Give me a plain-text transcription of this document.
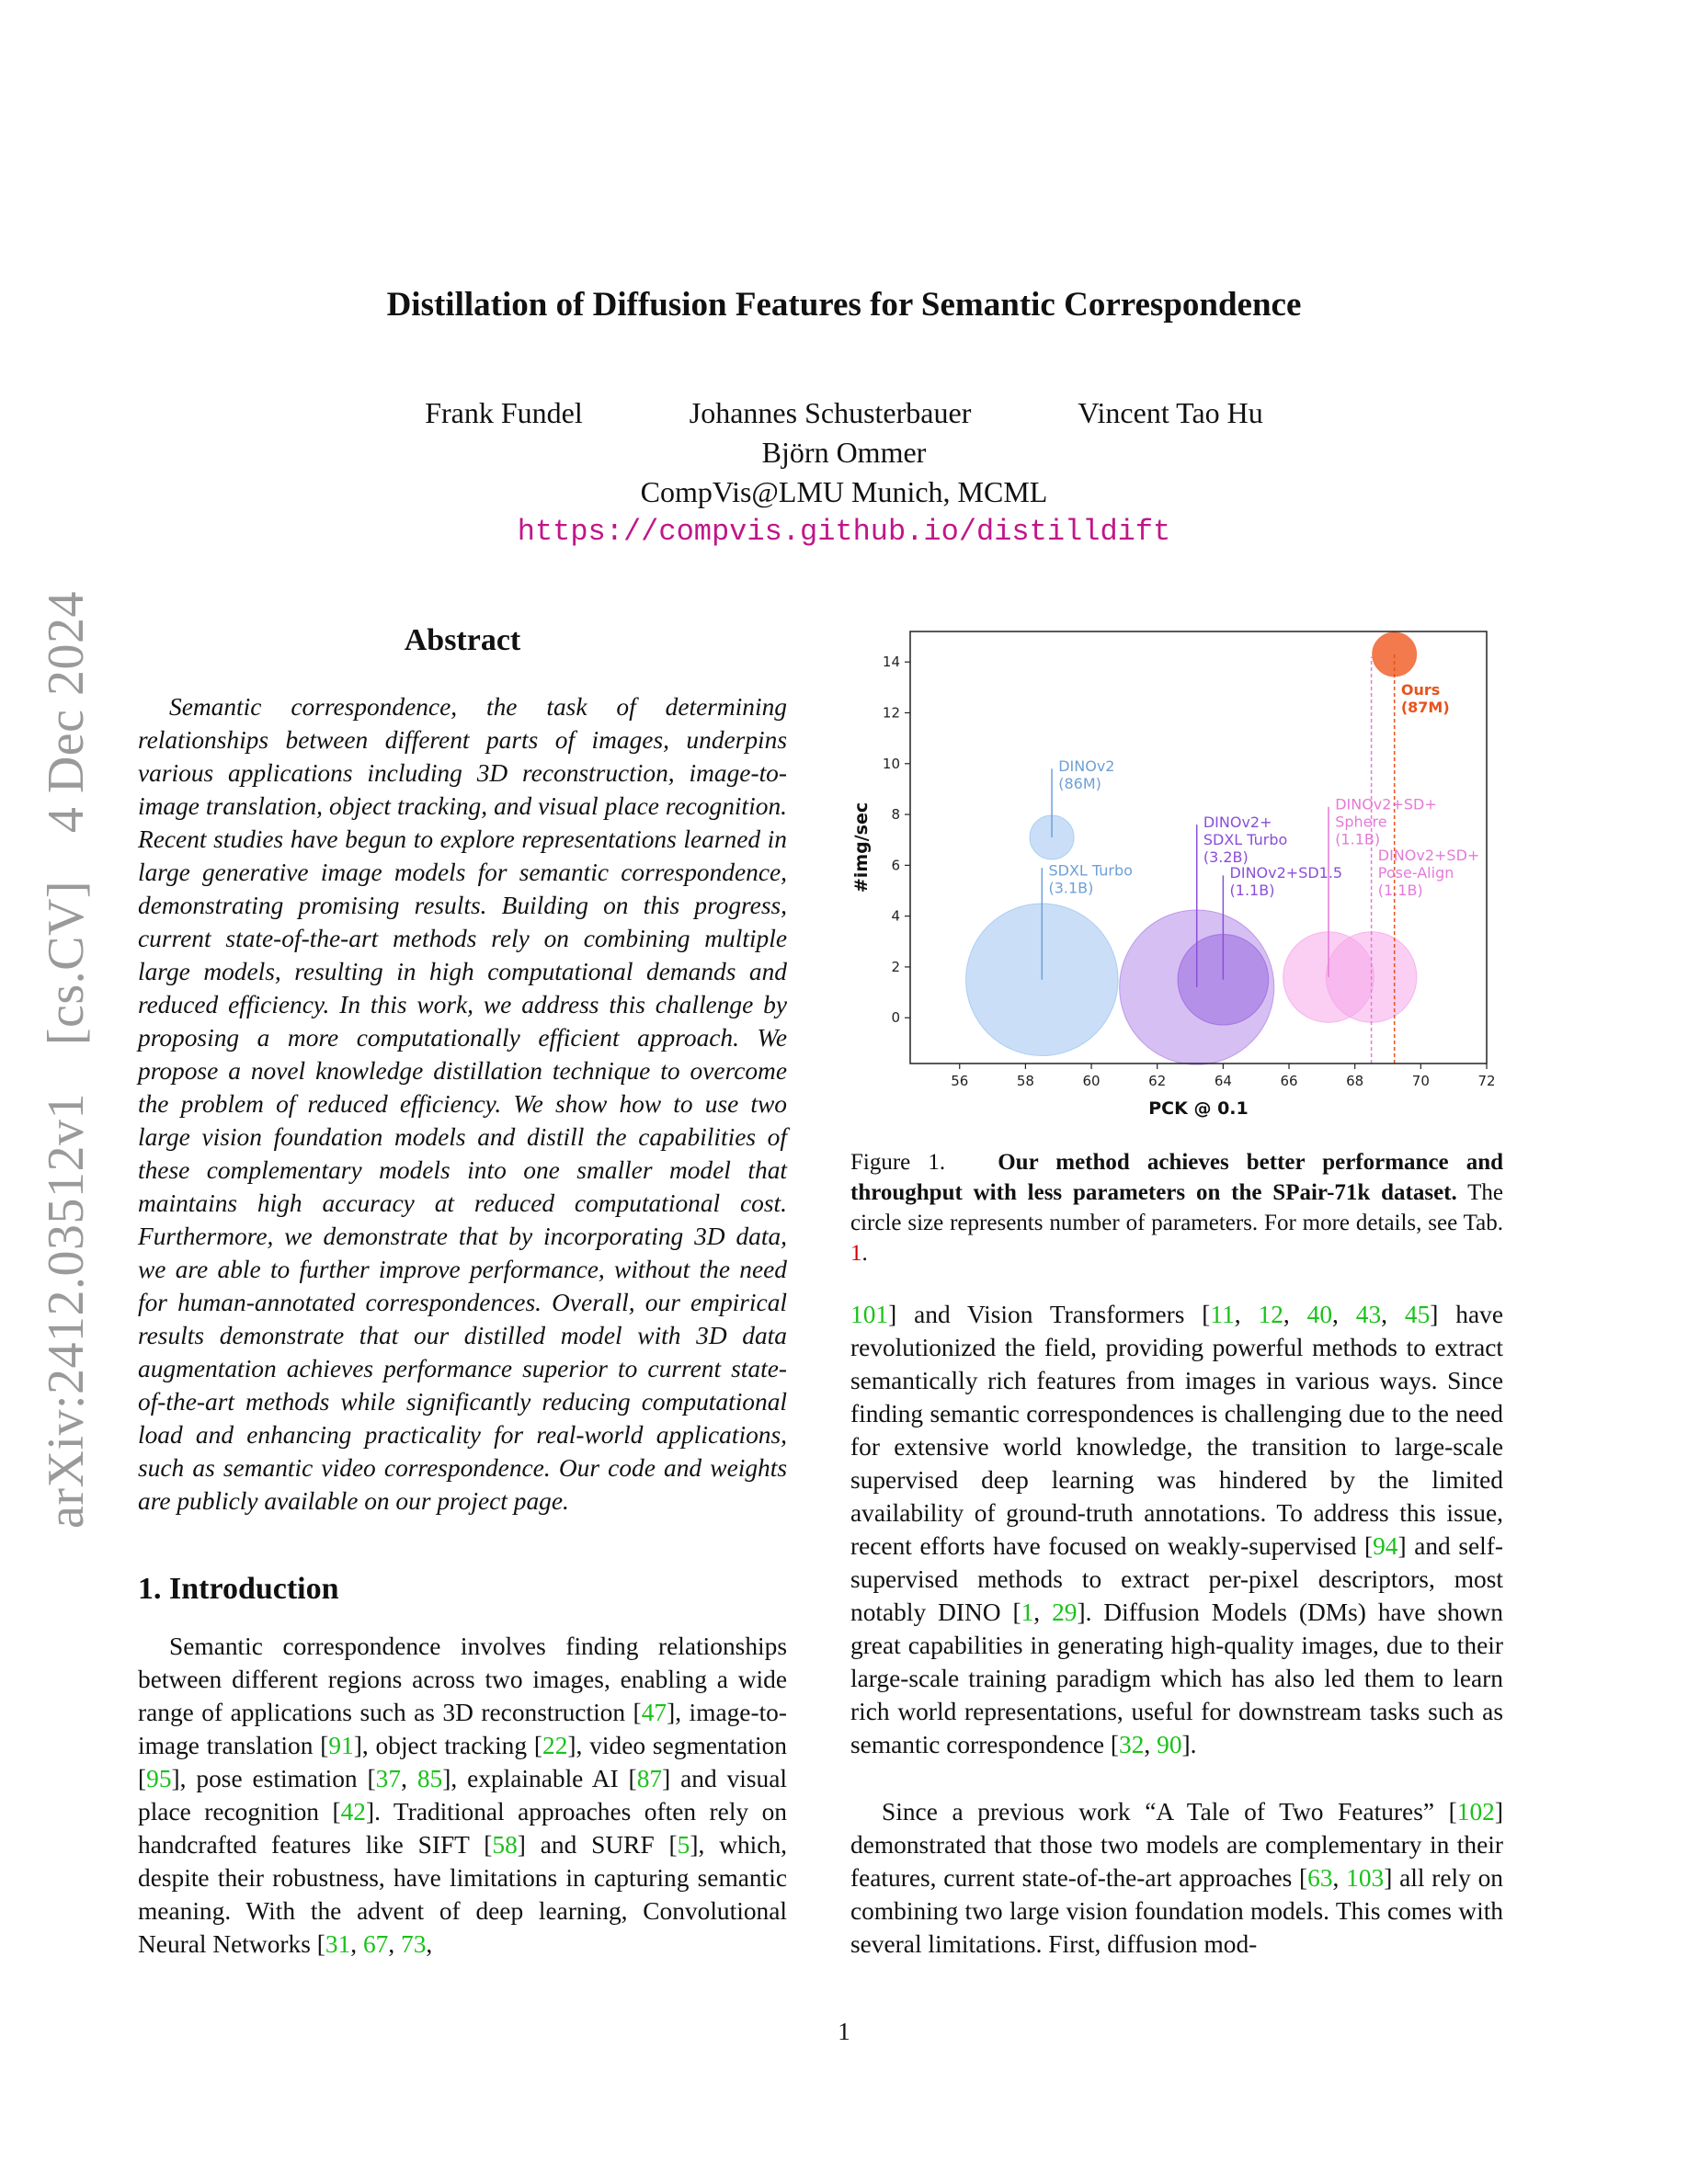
Distillation of Diffusion Features for Semantic Correspondence
Frank Fundel	Johannes Schusterbauer	Vincent Tao Hu
Björn Ommer
CompVis@LMU Munich, MCML
https://compvis.github.io/distilldift
arXiv:2412.03512v1
[cs.CV]
4 Dec 2024	Abstract

Semantic correspondence, the task of determining relationships between different parts of images, underpins various applications including 3D reconstruction, image-to-image translation, object tracking, and visual place recognition. Recent studies have begun to explore representations learned in large generative image models for semantic correspondence, demonstrating promising results. Building on this progress, current state-of-the-art methods rely on combining multiple large models, resulting in high computational demands and reduced efficiency. In this work, we address this challenge by proposing a more computationally efficient approach. We propose a novel knowledge distillation technique to overcome the problem of reduced efficiency. We show how to use two large vision foundation models and distill the capabilities of these complementary models into one smaller model that maintains high accuracy at reduced computational cost. Furthermore, we demonstrate that by incorporating 3D data, we are able to further improve performance, without the need for human-annotated correspondences. Overall, our empirical results demonstrate that our distilled model with 3D data augmentation achieves performance superior to current state-of-the-art methods while significantly reducing computational load and enhancing practicality for real-world applications, such as semantic video correspondence. Our code and weights are publicly available on our project page.

1. Introduction

Semantic correspondence involves finding relationships between different regions across two images, enabling a wide range of applications such as 3D reconstruction [47], image-to-image translation [91], object tracking [22], video segmentation [95], pose estimation [37, 85], explainable AI [87] and visual place recognition [42]. Traditional approaches often rely on handcrafted features like SIFT [58] and SURF [5], which, despite their robustness, have limitations in capturing semantic meaning. With the advent of deep learning, Convolutional Neural Networks [31, 67, 73,

SDXL Turbo
(3.1B)
DINOv2
(86M)
DINOv2+
SDXL Turbo
(3.2B)
DINOv2+SD1.5
(1.1B)
DINOv2+SD+
Sphere
(1.1B)
DINOv2+SD+
Pose-Align
(1.1B)
Ours
(87M)
56	58	60	62	64	66	68	70	72
0
2
4
6
8
10
12
14
PCK @ 0.1
#img/sec

Figure 1. Our method achieves better performance and throughput with less parameters on the SPair-71k dataset. The circle size represents number of parameters. For more details, see Tab. 1.

101] and Vision Transformers [11, 12, 40, 43, 45] have revolutionized the field, providing powerful methods to extract semantically rich features from images in various ways. Since finding semantic correspondences is challenging due to the need for extensive world knowledge, the transition to large-scale supervised deep learning was hindered by the limited availability of ground-truth annotations. To address this issue, recent efforts have focused on weakly-supervised [94] and self-supervised methods to extract per-pixel descriptors, most notably DINO [1, 29]. Diffusion Models (DMs) have shown great capabilities in generating high-quality images, due to their large-scale training paradigm which has also led them to learn rich world representations, useful for downstream tasks such as semantic correspondence [32, 90].

Since a previous work “A Tale of Two Features” [102] demonstrated that those two models are complementary in their features, current state-of-the-art approaches [63, 103] all rely on combining two large vision foundation models. This comes with several limitations. First, diffusion mod-

1
